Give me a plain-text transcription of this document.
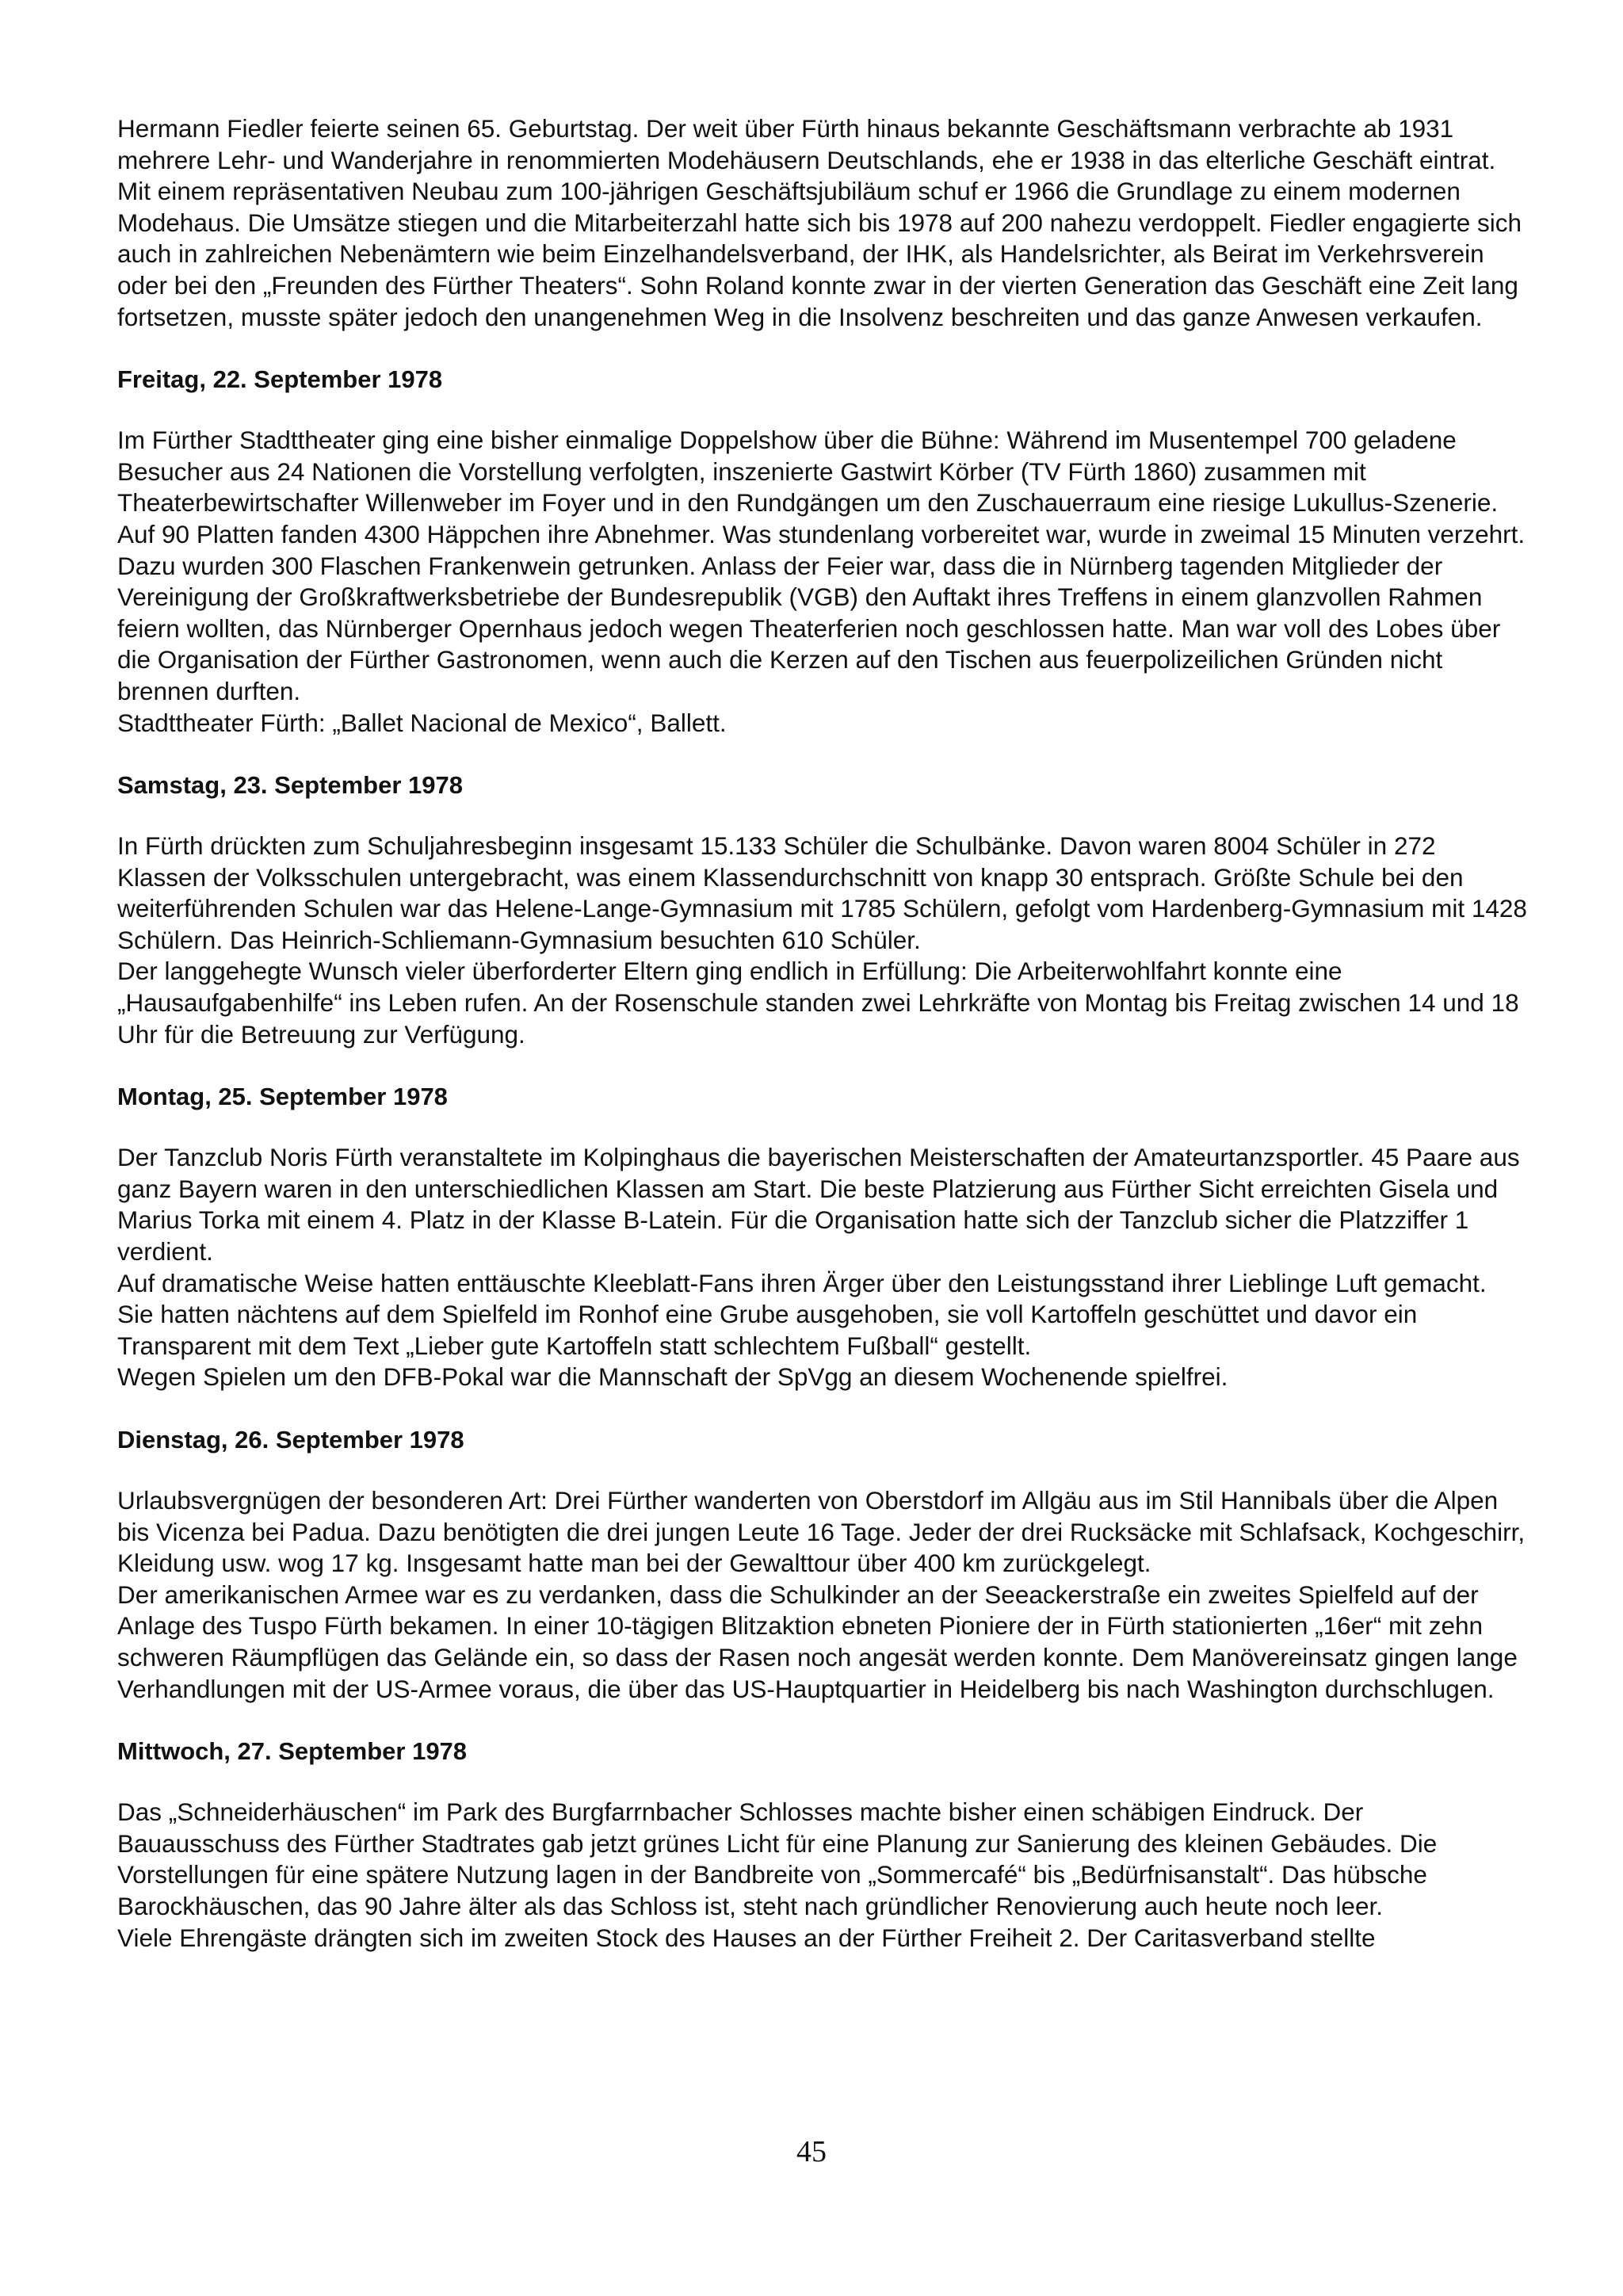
Hermann Fiedler feierte seinen 65. Geburtstag. Der weit über Fürth hinaus bekannte Geschäftsmann verbrachte ab 1931 mehrere Lehr- und Wanderjahre in renommierten Modehäusern Deutschlands, ehe er 1938 in das elterliche Geschäft eintrat. Mit einem repräsentativen Neubau zum 100-jährigen Geschäftsjubiläum schuf er 1966 die Grundlage zu einem modernen Modehaus. Die Umsätze stiegen und die Mitarbeiterzahl hatte sich bis 1978 auf 200 nahezu verdoppelt. Fiedler engagierte sich auch in zahlreichen Nebenämtern wie beim Einzelhandelsverband, der IHK, als Handelsrichter, als Beirat im Verkehrsverein oder bei den „Freunden des Fürther Theaters“. Sohn Roland konnte zwar in der vierten Generation das Geschäft eine Zeit lang fortsetzen, musste später jedoch den unangenehmen Weg in die Insolvenz beschreiten und das ganze Anwesen verkaufen.

Freitag, 22. September 1978

Im Fürther Stadttheater ging eine bisher einmalige Doppelshow über die Bühne: Während im Musentempel 700 geladene Besucher aus 24 Nationen die Vorstellung verfolgten, inszenierte Gastwirt Körber (TV Fürth 1860) zusammen mit Theaterbewirtschafter Willenweber im Foyer und in den Rundgängen um den Zuschauerraum eine riesige Lukullus-Szenerie. Auf 90 Platten fanden 4300 Häppchen ihre Abnehmer. Was stundenlang vorbereitet war, wurde in zweimal 15 Minuten verzehrt. Dazu wurden 300 Flaschen Frankenwein getrunken. Anlass der Feier war, dass die in Nürnberg tagenden Mitglieder der Vereinigung der Großkraftwerksbetriebe der Bundesrepublik (VGB) den Auftakt ihres Treffens in einem glanzvollen Rahmen feiern wollten, das Nürnberger Opernhaus jedoch wegen Theaterferien noch geschlossen hatte. Man war voll des Lobes über die Organisation der Fürther Gastronomen, wenn auch die Kerzen auf den Tischen aus feuerpolizeilichen Gründen nicht brennen durften.

Stadttheater Fürth: „Ballet Nacional de Mexico“, Ballett.

Samstag, 23. September 1978

In Fürth drückten zum Schuljahresbeginn insgesamt 15.133 Schüler die Schulbänke. Davon waren 8004 Schüler in 272 Klassen der Volksschulen untergebracht, was einem Klassendurchschnitt von knapp 30 entsprach. Größte Schule bei den weiterführenden Schulen war das Helene-Lange-Gymnasium mit 1785 Schülern, gefolgt vom Hardenberg-Gymnasium mit 1428 Schülern. Das Heinrich-Schliemann-Gymnasium besuchten 610 Schüler.

Der langgehegte Wunsch vieler überforderter Eltern ging endlich in Erfüllung: Die Arbeiterwohlfahrt konnte eine „Hausaufgabenhilfe“ ins Leben rufen. An der Rosenschule standen zwei Lehrkräfte von Montag bis Freitag zwischen 14 und 18 Uhr für die Betreuung zur Verfügung.

Montag, 25. September 1978

Der Tanzclub Noris Fürth veranstaltete im Kolpinghaus die bayerischen Meisterschaften der Amateurtanzsportler. 45 Paare aus ganz Bayern waren in den unterschiedlichen Klassen am Start. Die beste Platzierung aus Fürther Sicht erreichten Gisela und Marius Torka mit einem 4. Platz in der Klasse B-Latein. Für die Organisation hatte sich der Tanzclub sicher die Platzziffer 1 verdient.

Auf dramatische Weise hatten enttäuschte Kleeblatt-Fans ihren Ärger über den Leistungsstand ihrer Lieblinge Luft gemacht. Sie hatten nächtens auf dem Spielfeld im Ronhof eine Grube ausgehoben, sie voll Kartoffeln geschüttet und davor ein Transparent mit dem Text „Lieber gute Kartoffeln statt schlechtem Fußball“ gestellt.

Wegen Spielen um den DFB-Pokal war die Mannschaft der SpVgg an diesem Wochenende spielfrei.

Dienstag, 26. September 1978

Urlaubsvergnügen der besonderen Art: Drei Fürther wanderten von Oberstdorf im Allgäu aus im Stil Hannibals über die Alpen bis Vicenza bei Padua. Dazu benötigten die drei jungen Leute 16 Tage. Jeder der drei Rucksäcke mit Schlafsack, Kochgeschirr, Kleidung usw. wog 17 kg. Insgesamt hatte man bei der Gewalttour über 400 km zurückgelegt.

Der amerikanischen Armee war es zu verdanken, dass die Schulkinder an der Seeackerstraße ein zweites Spielfeld auf der Anlage des Tuspo Fürth bekamen. In einer 10-tägigen Blitzaktion ebneten Pioniere der in Fürth stationierten „16er“ mit zehn schweren Räumpflügen das Gelände ein, so dass der Rasen noch angesät werden konnte. Dem Manövereinsatz gingen lange Verhandlungen mit der US-Armee voraus, die über das US-Hauptquartier in Heidelberg bis nach Washington durchschlugen.

Mittwoch, 27. September 1978

Das „Schneiderhäuschen“ im Park des Burgfarrnbacher Schlosses machte bisher einen schäbigen Eindruck. Der Bauausschuss des Fürther Stadtrates gab jetzt grünes Licht für eine Planung zur Sanierung des kleinen Gebäudes. Die Vorstellungen für eine spätere Nutzung lagen in der Bandbreite von „Sommercafé“ bis „Bedürfnisanstalt“. Das hübsche Barockhäuschen, das 90 Jahre älter als das Schloss ist, steht nach gründlicher Renovierung auch heute noch leer.

Viele Ehrengäste drängten sich im zweiten Stock des Hauses an der Fürther Freiheit 2. Der Caritasverband stellte

45
